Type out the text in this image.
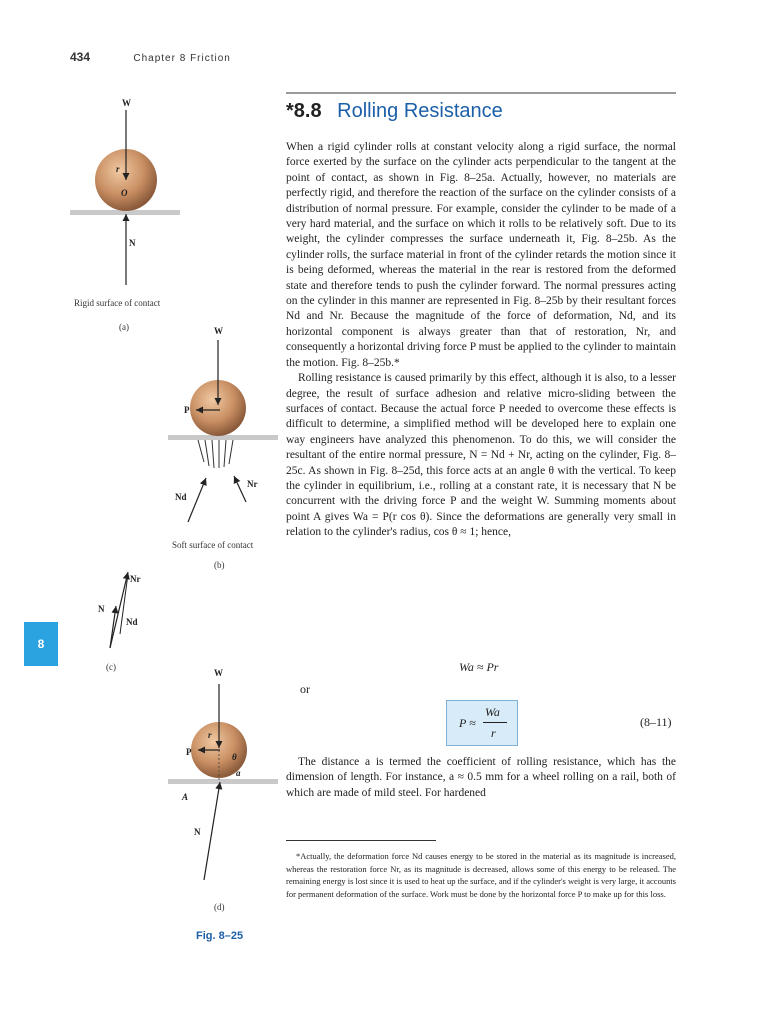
434	Chapter 8 Friction
*8.8 Rolling Resistance

When a rigid cylinder rolls at constant velocity along a rigid surface, the normal force exerted by the surface on the cylinder acts perpendicular to the tangent at the point of contact, as shown in Fig. 8–25a. Actually, however, no materials are perfectly rigid, and therefore the reaction of the surface on the cylinder consists of a distribution of normal pressure. For example, consider the cylinder to be made of a very hard material, and the surface on which it rolls to be relatively soft. Due to its weight, the cylinder compresses the surface underneath it, Fig. 8–25b. As the cylinder rolls, the surface material in front of the cylinder retards the motion since it is being deformed, whereas the material in the rear is restored from the deformed state and therefore tends to push the cylinder forward. The normal pressures acting on the cylinder in this manner are represented in Fig. 8–25b by their resultant forces Nd and Nr. Because the magnitude of the force of deformation, Nd, and its horizontal component is always greater than that of restoration, Nr, and consequently a horizontal driving force P must be applied to the cylinder to maintain the motion. Fig. 8–25b.*

Rolling resistance is caused primarily by this effect, although it is also, to a lesser degree, the result of surface adhesion and relative micro-sliding between the surfaces of contact. Because the actual force P needed to overcome these effects is difficult to determine, a simplified method will be developed here to explain one way engineers have analyzed this phenomenon. To do this, we will consider the resultant of the entire normal pressure, N = Nd + Nr, acting on the cylinder, Fig. 8–25c. As shown in Fig. 8–25d, this force acts at an angle θ with the vertical. To keep the cylinder in equilibrium, i.e., rolling at a constant rate, it is necessary that N be concurrent with the driving force P and the weight W. Summing moments about point A gives Wa = P(r cos θ). Since the deformations are generally very small in relation to the cylinder's radius, cos θ ≈ 1; hence,

Wa ≈ Pr
or
P ≈
Wa
r
(8–11)
The distance a is termed the coefficient of rolling resistance, which has the dimension of length. For instance, a ≈ 0.5 mm for a wheel rolling on a rail, both of which are made of mild steel. For hardened
*Actually, the deformation force Nd causes energy to be stored in the material as its magnitude is increased, whereas the restoration force Nr, as its magnitude is decreased, allows some of this energy to be released. The remaining energy is lost since it is used to heat up the surface, and if the cylinder's weight is very large, it accounts for permanent deformation of the surface. Work must be done by the horizontal force P to make up for this loss.
8
W
r
O
N
Rigid surface of contact
(a)	W
P
Nd
Nr
Soft surface of contact
(b)
Nr
N
Nd
(c)
W
r
θ
P
a
A
N
(d)
Fig. 8–25
